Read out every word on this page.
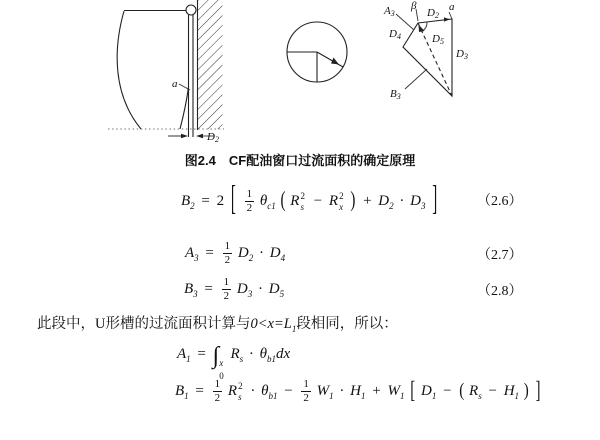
a
D2
A3
β
D2
a
D4	D5
D3
B3
图2.4 CF配油窗口过流面积的确定原理
$B_2 = 2$ [ $\frac{1}{2} \theta_{c1}$ ( R 2
s − R 2
x ) + $D_2 \cdot D_3$ ]	（2.6）
$A_3 = \frac{1}{2} D_2 \cdot D_4$	（2.7）
$B_3 = \frac{1}{2} D_3 \cdot D_5$	（2.8）
此段中，U形槽的过流面积计算与$0<x=L_1$段相同，所以：
$A_1$ = ∫ x
0
$R_s \cdot \theta_{b1}dx$
$B_1 = \frac{1}{2}$ R 2
$s \cdot \theta_{b1} - \frac{1}{2} W_1 \cdot H_1 + W_1$ [ $D_1$ − ( $R_s - H_1$ ) ]
